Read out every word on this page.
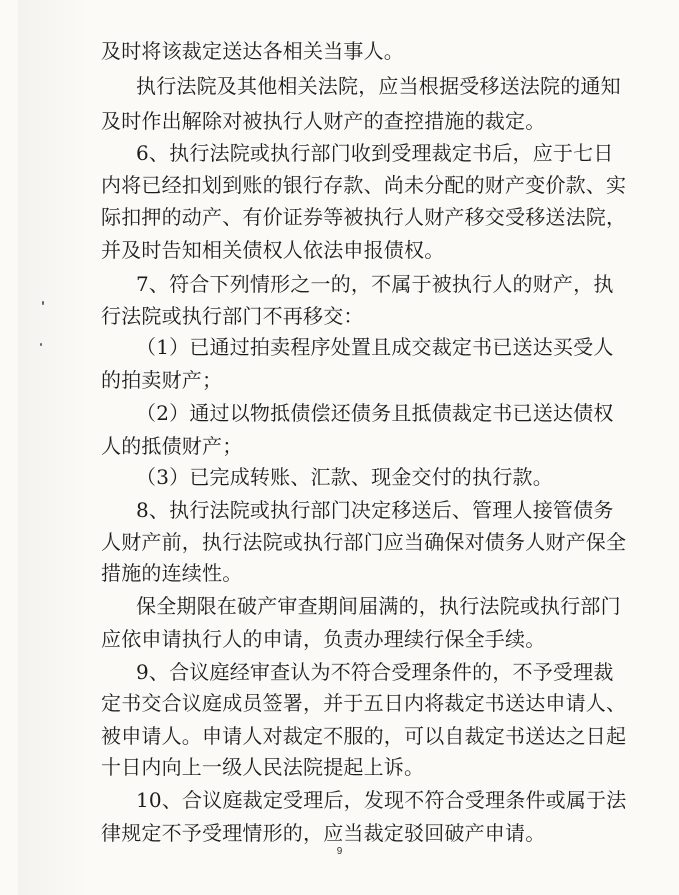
及时将该裁定送达各相关当事人。
执行法院及其他相关法院，应当根据受移送法院的通知
及时作出解除对被执行人财产的查控措施的裁定。
6、执行法院或执行部门收到受理裁定书后，应于七日
内将已经扣划到账的银行存款、尚未分配的财产变价款、实
际扣押的动产、有价证券等被执行人财产移交受移送法院，
并及时告知相关债权人依法申报债权。
7、符合下列情形之一的，不属于被执行人的财产，执
行法院或执行部门不再移交：
（1）已通过拍卖程序处置且成交裁定书已送达买受人
的拍卖财产；
（2）通过以物抵债偿还债务且抵债裁定书已送达债权
人的抵债财产；
（3）已完成转账、汇款、现金交付的执行款。
8、执行法院或执行部门决定移送后、管理人接管债务
人财产前，执行法院或执行部门应当确保对债务人财产保全
措施的连续性。
保全期限在破产审查期间届满的，执行法院或执行部门
应依申请执行人的申请，负责办理续行保全手续。
9、合议庭经审查认为不符合受理条件的，不予受理裁
定书交合议庭成员签署，并于五日内将裁定书送达申请人、
被申请人。申请人对裁定不服的，可以自裁定书送达之日起
十日内向上一级人民法院提起上诉。
10、合议庭裁定受理后，发现不符合受理条件或属于法
律规定不予受理情形的，应当裁定驳回破产申请。
9
